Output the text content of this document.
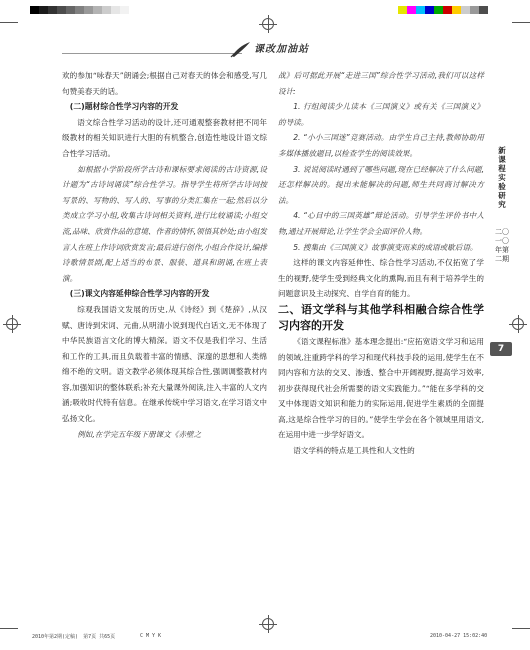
课改加油站

欢的参加“咏春天”朗诵会;根据自己对春天的体会和感受,写几句赞美春天的话。

(二)题材综合性学习内容的开发

语文综合性学习活动的设计,还可通观整套教材把不同年级教材的相关知识进行大胆的有机整合,创造性地设计语文综合性学习活动。

如根据小学阶段所学古诗和课标要求阅读的古诗资源,设计题为“古诗词诵读”综合性学习。指导学生将所学古诗词按写景的、写物的、写人的、写事的分类汇集在一起;然后以分类成立学习小组,收集古诗词相关资料,进行比较诵读;小组交流,品味、欣赏作品的意境、作者的情怀,领悟其妙处;由小组发言人在班上作诗词欣赏发言;最后进行创作,小组合作设计,编排诗歌情景剧,配上适当的布景、服装、道具和朗诵,在班上表演。

(三)课文内容延伸综合性学习内容的开发

综观我国语文发展的历史,从《诗经》到《楚辞》,从汉赋、唐诗到宋词、元曲,从明清小说到现代白话文,无不体现了中华民族语言文化的博大精深。语文不仅是我们学习、生活和工作的工具,而且负载着丰富的情感、深邃的思想和人类绵绵不绝的文明。语文教学必须体现其综合性,强调调整教材内容,加强知识的整体联系;补充大量课外阅读,注入丰富的人文内涵;吸收时代特有信息。在继承传统中学习语文,在学习语文中弘扬文化。

例如,在学完五年级下册课文《赤壁之

战》后可据此开展“走进三国”综合性学习活动,我们可以这样设计:

1. 行组阅读少儿读本《三国演义》或有关《三国演义》的导读。

2. “小小三国迷”竞赛活动。由学生自己主持,教师协助用多媒体播放题目,以检查学生的阅读效果。

3. 说说阅读时遇到了哪些问题,现在已经解决了什么问题,还怎样解决的。提出未能解决的问题,师生共同商讨解决方法。

4. “心目中的三国英雄”辩论活动。引导学生评价书中人物,通过开展辩论,让学生学会全面评价人物。

5. 搜集由《三国演义》故事演变而来的成语或歇后语。

这样的课文内容延伸性、综合性学习活动,不仅拓宽了学生的视野,使学生受到经典文化的熏陶,而且有利于培养学生的问题意识及主动探究、自学自育的能力。

二、语文学科与其他学科相融合综合性学习内容的开发

《语文课程标准》基本理念提出:“应拓宽语文学习和运用的领域,注重跨学科的学习和现代科技手段的运用,使学生在不同内容和方法的交叉、渗透、整合中开阔视野,提高学习效率,初步获得现代社会所需要的语文实践能力。”“能在多学科的交叉中体现语文知识和能力的实际运用,促进学生素质的全面提高,这是综合性学习的目的。”使学生学会在各个领域里用语文,在运用中进一步学好语文。

语文学科的特点是工具性和人文性的

新
课
程
实
验
研
究
二〇一〇年第二期
7
2010年第2期(定稿)　第7页 共65页	C M Y K	2010-04-27 15:02:40
